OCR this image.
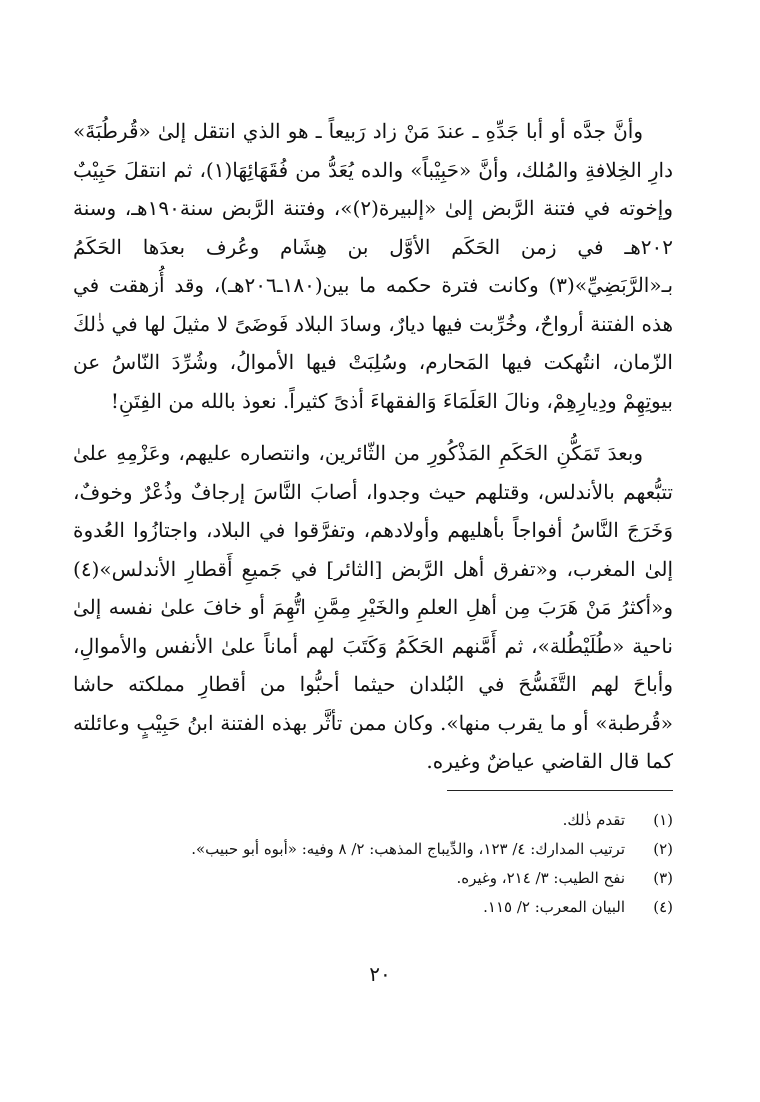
وأنَّ جدَّه أو أبا جَدِّهِ ـ عندَ مَنْ زاد رَبيعاً ـ هو الذي انتقل إلىٰ «قُرطُبَةَ» دارِ الخِلافةِ والمُلك، وأنَّ «حَبِيْباً» والده يُعَدُّ من فُقَهَائِهَا(١)، ثم انتقلَ حَبِيْبٌ وإخوته في فتنة الرَّبض إلىٰ «إلبيرة(٢)»، وفتنة الرَّبض سنة١٩٠هـ، وسنة ٢٠٢هـ في زمن الحَكَم الأوَّل بن هِشَام وعُرف بعدَها الحَكَمُ بـ«الرَّبَضِيِّ»(٣) وكانت فترة حكمه ما بين(١٨٠ـ٢٠٦هـ)، وقد أُزهقت في هذه الفتنة أرواحٌ، وخُرِّبت فيها ديارٌ، وسادَ البلاد فَوضَىً لا مثيلَ لها في ذٰلكَ الزّمان، انتُهكت فيها المَحارم، وسُلِبَتْ فيها الأموالُ، وشُرِّدَ النّاسُ عن بيوتِهِمْ ودِيارِهِمْ، ونالَ العَلَمَاءَ وَالفقهاءَ أذىً كثيراً. نعوذ بالله من الفِتَنِ!

وبعدَ تَمَكُّنِ الحَكَمِ المَذْكُورِ من الثّائرين، وانتصاره عليهم، وعَزْمِهِ علىٰ تتبُّعهم بالأندلس، وقتلهم حيث وجدوا، أصابَ النَّاسَ إرجافٌ وذُعْرٌ وخوفٌ، وَخَرَجَ النَّاسُ أفواجاً بأهليهم وأولادهم، وتفرَّقوا في البلاد، واجتازُوا العُدوة إلىٰ المغرب، و«تفرق أهل الرَّبض [الثائر] في جَميعِ أَقطارِ الأندلس»(٤) و«أكثرُ مَنْ هَرَبَ مِن أهلِ العلمِ والخَيْرِ مِمَّنِ اتُّهِمَ أو خافَ علىٰ نفسه إلىٰ ناحية «طُلَيْطُلة»، ثم أَمَّنهم الحَكَمُ وَكَتَبَ لهم أماناً علىٰ الأنفس والأموالِ، وأباحَ لهم التَّفَسُّحَ في البُلدان حيثما أحبُّوا من أقطارِ مملكته حاشا «قُرطبة» أو ما يقرب منها». وكان ممن تأثَّر بهذه الفتنة ابنُ حَبِيْبٍ وعائلته كما قال القاضي عياضٌ وغيره.

(١)
تقدم ذٰلك.
(٢)
ترتيب المدارك: ٤/ ١٢٣، والدِّيباج المذهب: ٢/ ٨ وفيه: «أبوه أبو حبيب».
(٣)
نفح الطيب: ٣/ ٢١٤، وغيره.
(٤)
البيان المعرب: ٢/ ١١٥.
٢٠
